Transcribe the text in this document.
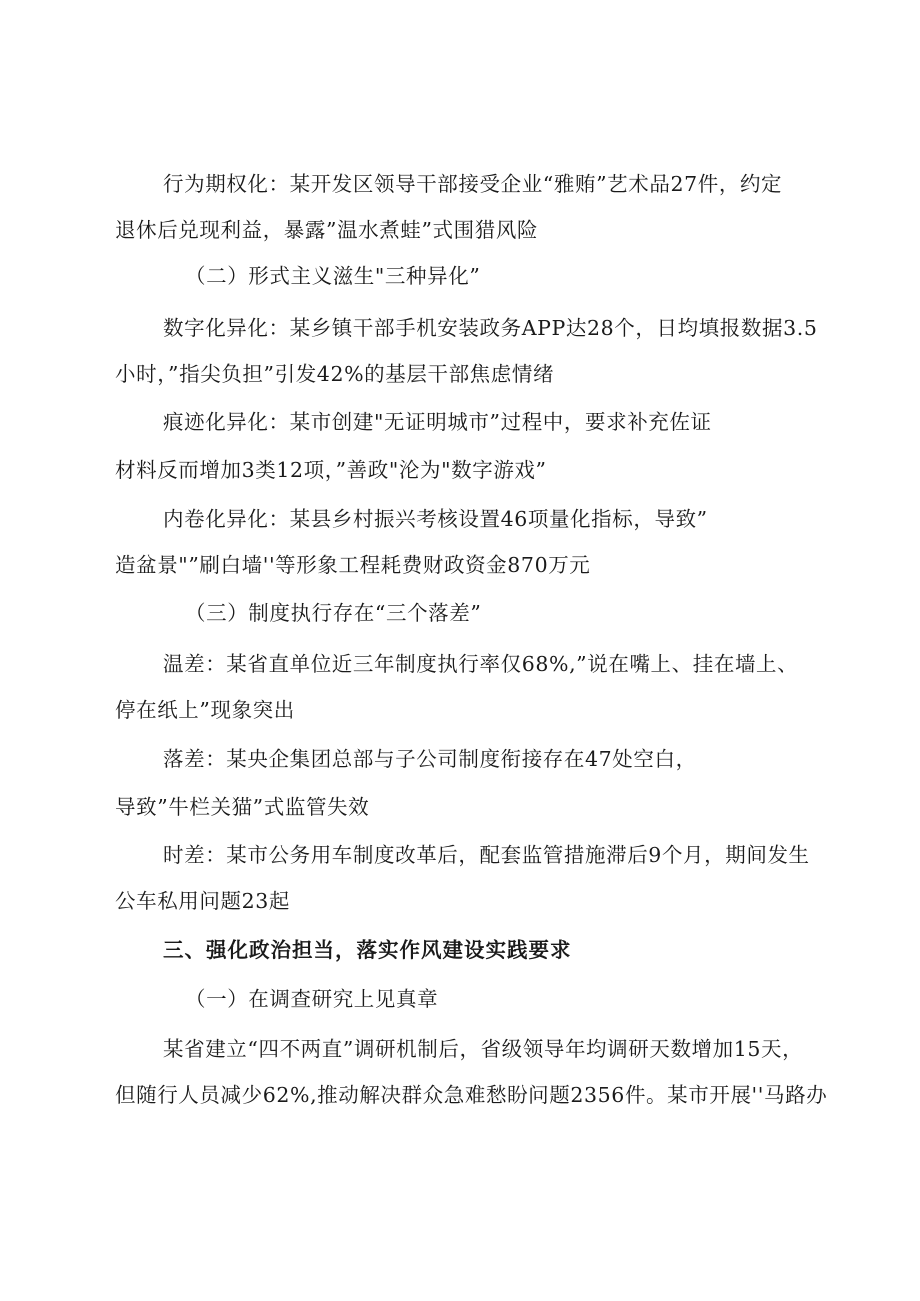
行为期权化：某开发区领导干部接受企业“雅贿”艺术品27件，约定
退休后兑现利益，暴露”温水煮蛙”式围猎风险
（二）形式主义滋生"三种异化”
数字化异化：某乡镇干部手机安装政务APP达28个，日均填报数据3.5
小时，”指尖负担”引发42%的基层干部焦虑情绪
痕迹化异化：某市创建"无证明城市”过程中，要求补充佐证
材料反而增加3类12项，”善政"沦为"数字游戏”
内卷化异化：某县乡村振兴考核设置46项量化指标，导致”
造盆景"”刷白墙''等形象工程耗费财政资金870万元
（三）制度执行存在“三个落差”
温差：某省直单位近三年制度执行率仅68%,”说在嘴上、挂在墙上、
停在纸上”现象突出
落差：某央企集团总部与子公司制度衔接存在47处空白，
导致”牛栏关猫”式监管失效
时差：某市公务用车制度改革后，配套监管措施滞后9个月，期间发生
公车私用问题23起
三、强化政治担当，落实作风建设实践要求
（一）在调查研究上见真章
某省建立“四不两直”调研机制后，省级领导年均调研天数增加15天，
但随行人员减少62%,推动解决群众急难愁盼问题2356件。某市开展''马路办
